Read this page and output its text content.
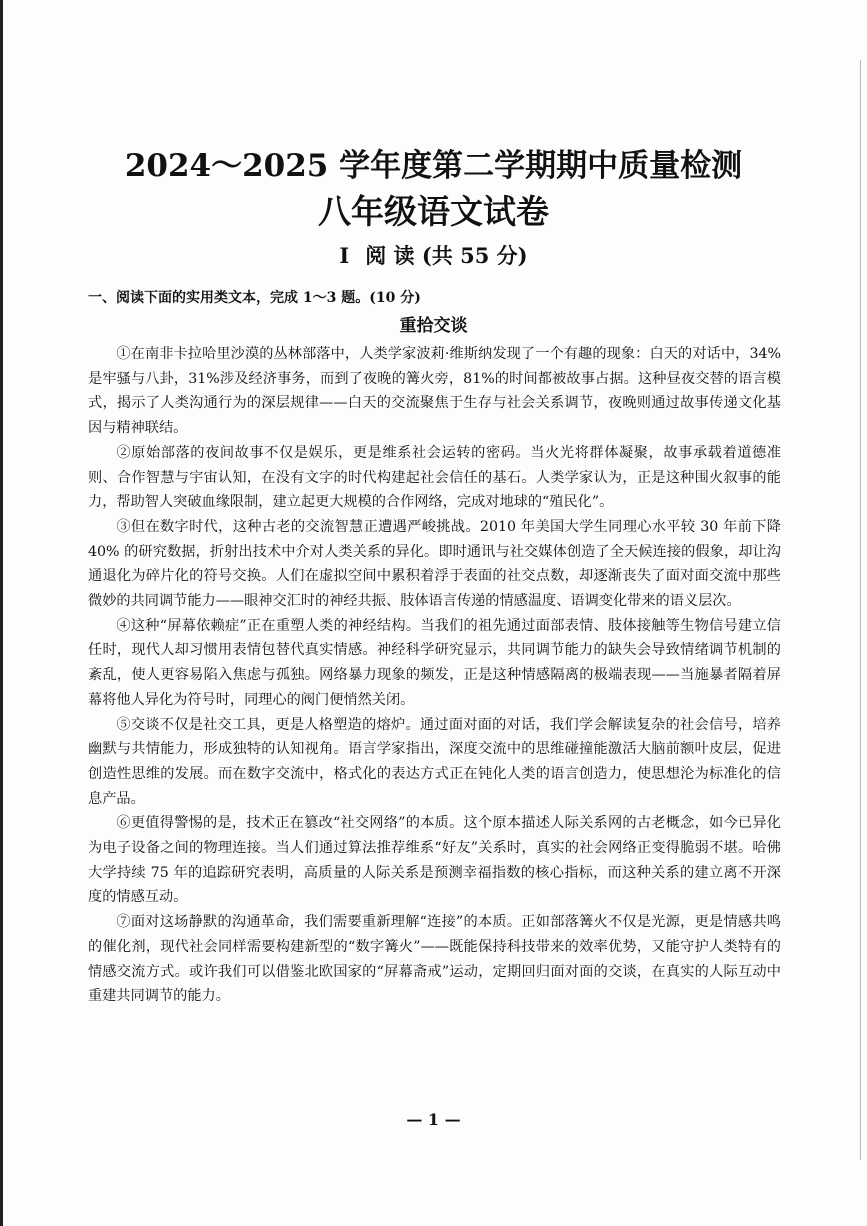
2024～2025 学年度第二学期期中质量检测
八年级语文试卷
Ⅰ 阅 读 (共 55 分)
一、阅读下面的实用类文本，完成 1～3 题。(10 分)
重拾交谈

①在南非卡拉哈里沙漠的丛林部落中，人类学家波莉·维斯纳发现了一个有趣的现象：白天的对话中，34%是牢骚与八卦，31%涉及经济事务，而到了夜晚的篝火旁，81%的时间都被故事占据。这种昼夜交替的语言模式，揭示了人类沟通行为的深层规律——白天的交流聚焦于生存与社会关系调节，夜晚则通过故事传递文化基因与精神联结。

②原始部落的夜间故事不仅是娱乐，更是维系社会运转的密码。当火光将群体凝聚，故事承载着道德准则、合作智慧与宇宙认知，在没有文字的时代构建起社会信任的基石。人类学家认为，正是这种围火叙事的能力，帮助智人突破血缘限制，建立起更大规模的合作网络，完成对地球的“殖民化”。

③但在数字时代，这种古老的交流智慧正遭遇严峻挑战。2010 年美国大学生同理心水平较 30 年前下降 40% 的研究数据，折射出技术中介对人类关系的异化。即时通讯与社交媒体创造了全天候连接的假象，却让沟通退化为碎片化的符号交换。人们在虚拟空间中累积着浮于表面的社交点数，却逐渐丧失了面对面交流中那些微妙的共同调节能力——眼神交汇时的神经共振、肢体语言传递的情感温度、语调变化带来的语义层次。

④这种“屏幕依赖症”正在重塑人类的神经结构。当我们的祖先通过面部表情、肢体接触等生物信号建立信任时，现代人却习惯用表情包替代真实情感。神经科学研究显示，共同调节能力的缺失会导致情绪调节机制的紊乱，使人更容易陷入焦虑与孤独。网络暴力现象的频发，正是这种情感隔离的极端表现——当施暴者隔着屏幕将他人异化为符号时，同理心的阀门便悄然关闭。

⑤交谈不仅是社交工具，更是人格塑造的熔炉。通过面对面的对话，我们学会解读复杂的社会信号，培养幽默与共情能力，形成独特的认知视角。语言学家指出，深度交流中的思维碰撞能激活大脑前额叶皮层，促进创造性思维的发展。而在数字交流中，格式化的表达方式正在钝化人类的语言创造力，使思想沦为标准化的信息产品。

⑥更值得警惕的是，技术正在篡改“社交网络”的本质。这个原本描述人际关系网的古老概念，如今已异化为电子设备之间的物理连接。当人们通过算法推荐维系“好友”关系时，真实的社会网络正变得脆弱不堪。哈佛大学持续 75 年的追踪研究表明，高质量的人际关系是预测幸福指数的核心指标，而这种关系的建立离不开深度的情感互动。

⑦面对这场静默的沟通革命，我们需要重新理解“连接”的本质。正如部落篝火不仅是光源，更是情感共鸣的催化剂，现代社会同样需要构建新型的“数字篝火”——既能保持科技带来的效率优势，又能守护人类特有的情感交流方式。或许我们可以借鉴北欧国家的“屏幕斋戒”运动，定期回归面对面的交谈，在真实的人际互动中重建共同调节的能力。

— 1 —
